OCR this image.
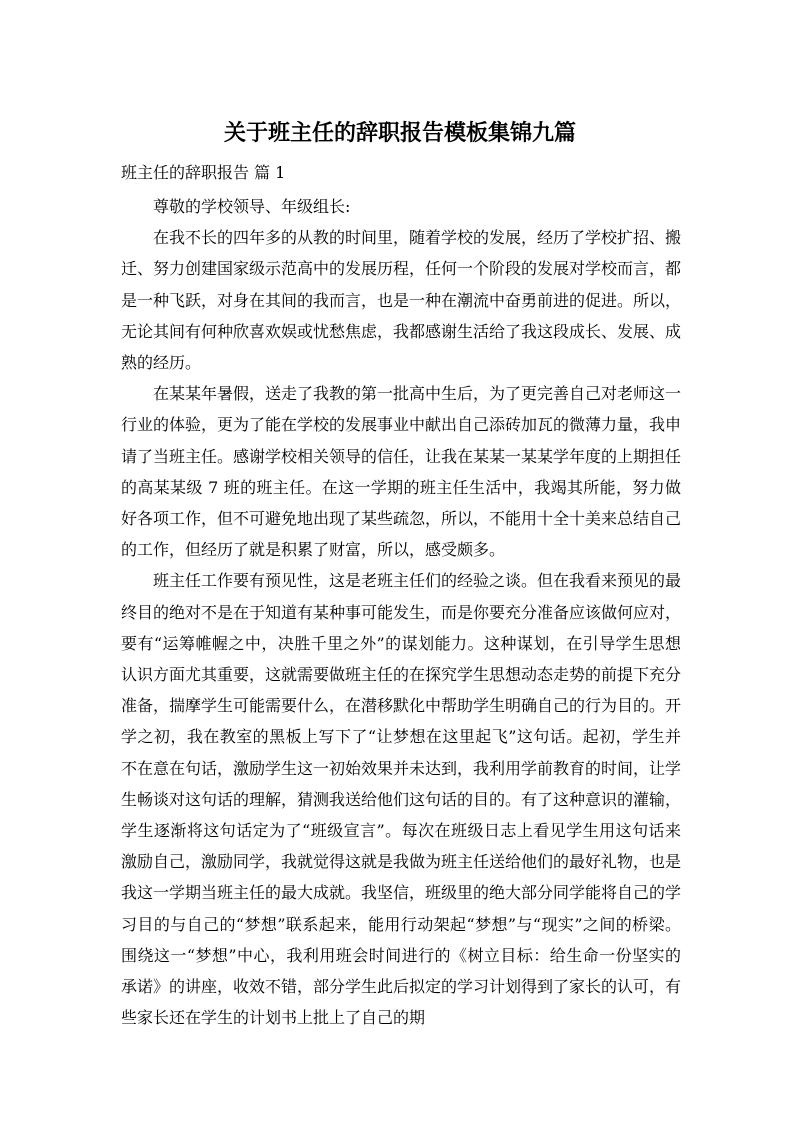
关于班主任的辞职报告模板集锦九篇
班主任的辞职报告 篇 1

尊敬的学校领导、年级组长:

在我不长的四年多的从教的时间里，随着学校的发展，经历了学校扩招、搬迁、努力创建国家级示范高中的发展历程，任何一个阶段的发展对学校而言，都是一种飞跃，对身在其间的我而言，也是一种在潮流中奋勇前进的促进。所以，无论其间有何种欣喜欢娱或忧愁焦虑，我都感谢生活给了我这段成长、发展、成熟的经历。

在某某年暑假，送走了我教的第一批高中生后，为了更完善自己对老师这一行业的体验，更为了能在学校的发展事业中献出自己添砖加瓦的微薄力量，我申请了当班主任。感谢学校相关领导的信任，让我在某某一某某学年度的上期担任的高某某级 7 班的班主任。在这一学期的班主任生活中，我竭其所能，努力做好各项工作，但不可避免地出现了某些疏忽，所以，不能用十全十美来总结自己的工作，但经历了就是积累了财富，所以，感受颇多。

班主任工作要有预见性，这是老班主任们的经验之谈。但在我看来预见的最终目的绝对不是在于知道有某种事可能发生，而是你要充分准备应该做何应对，要有“运筹帷幄之中，决胜千里之外”的谋划能力。这种谋划，在引导学生思想认识方面尤其重要，这就需要做班主任的在探究学生思想动态走势的前提下充分准备，揣摩学生可能需要什么，在潜移默化中帮助学生明确自己的行为目的。开学之初，我在教室的黑板上写下了“让梦想在这里起飞”这句话。起初，学生并不在意在句话，激励学生这一初始效果并未达到，我利用学前教育的时间，让学生畅谈对这句话的理解，猜测我送给他们这句话的目的。有了这种意识的灌输，学生逐渐将这句话定为了“班级宣言”。每次在班级日志上看见学生用这句话来激励自己，激励同学，我就觉得这就是我做为班主任送给他们的最好礼物，也是我这一学期当班主任的最大成就。我坚信，班级里的绝大部分同学能将自己的学习目的与自己的“梦想”联系起来，能用行动架起“梦想”与“现实”之间的桥梁。围绕这一“梦想”中心，我利用班会时间进行的《树立目标：给生命一份坚实的承诺》的讲座，收效不错，部分学生此后拟定的学习计划得到了家长的认可，有些家长还在学生的计划书上批上了自己的期
